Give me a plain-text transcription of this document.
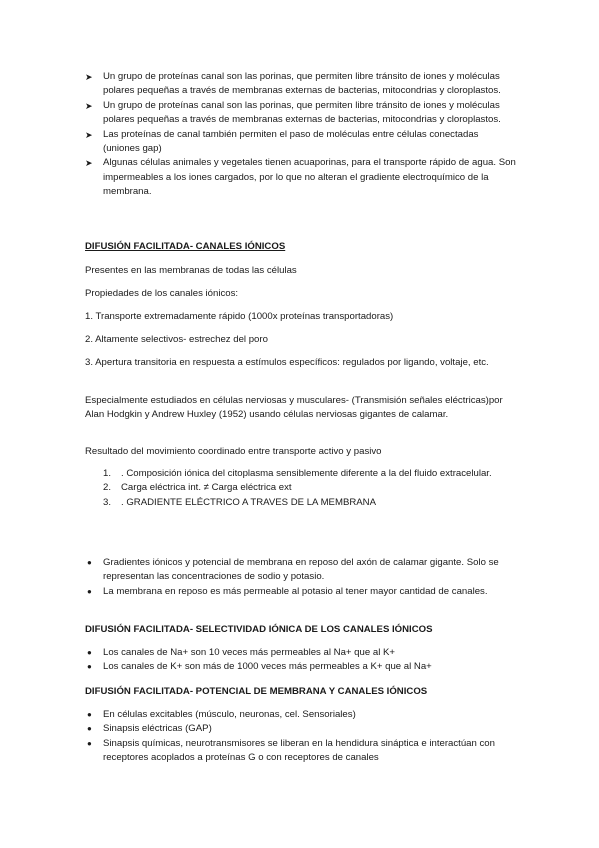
➤ Un grupo de proteínas canal son las porinas, que permiten libre tránsito de iones y moléculas polares pequeñas a través de membranas externas de bacterias, mitocondrias y cloroplastos.
➤ Un grupo de proteínas canal son las porinas, que permiten libre tránsito de iones y moléculas polares pequeñas a través de membranas externas de bacterias, mitocondrias y cloroplastos.
➤ Las proteínas de canal también permiten el paso de moléculas entre células conectadas (uniones gap)
➤ Algunas células animales y vegetales tienen acuaporinas, para el transporte rápido de agua. Son impermeables a los iones cargados, por lo que no alteran el gradiente electroquímico de la membrana.
DIFUSIÓN FACILITADA- CANALES IÓNICOS
Presentes en las membranas de todas las células
Propiedades de los canales iónicos:
1. Transporte extremadamente rápido (1000x proteínas transportadoras)
2. Altamente selectivos- estrechez del poro
3. Apertura transitoria en respuesta a estímulos específicos: regulados por ligando, voltaje, etc.
Especialmente estudiados en células nerviosas y musculares- (Transmisión señales eléctricas)por Alan Hodgkin y Andrew Huxley (1952) usando células nerviosas gigantes de calamar.
Resultado del movimiento coordinado entre transporte activo y pasivo
1. . Composición iónica del citoplasma sensiblemente diferente a la del fluido extracelular.
2. Carga eléctrica int. ≠ Carga eléctrica ext
3. . GRADIENTE ELÉCTRICO A TRAVES DE LA MEMBRANA
● Gradientes iónicos y potencial de membrana en reposo del axón de calamar gigante. Solo se representan las concentraciones de sodio y potasio.
● La membrana en reposo es más permeable al potasio al tener mayor cantidad de canales.
DIFUSIÓN FACILITADA- SELECTIVIDAD IÓNICA DE LOS CANALES IÓNICOS
● Los canales de Na+ son 10 veces más permeables al Na+ que al K+
● Los canales de K+ son más de 1000 veces más permeables a K+ que al Na+
DIFUSIÓN FACILITADA- POTENCIAL DE MEMBRANA Y CANALES IÓNICOS
● En células excitables (músculo, neuronas, cel. Sensoriales)
● Sinapsis eléctricas (GAP)
● Sinapsis químicas, neurotransmisores se liberan en la hendidura sináptica e interactúan con receptores acoplados a proteínas G o con receptores de canales
